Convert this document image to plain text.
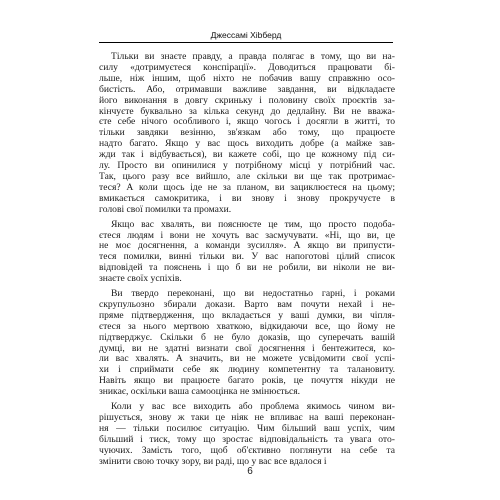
Джессамі Хіbберд
Тільки ви знаєте правду, а правда полягає в тому, що ви на-
силу «дотримуєтеся конспірації». Доводиться працювати бі-
льше, ніж іншим, щоб ніхто не побачив вашу справжню осо-
бистість. Або, отримавши важливе завдання, ви відкладаєте
його виконання в довгу скриньку і половину своїх проєктів за-
кінчуєте буквально за кілька секунд до дедлайну. Ви не вважа-
єте себе нічого особливого і, якщо чогось і досягли в житті, то
тільки завдяки везінню, зв'язкам або тому, що працюєте
надто багато. Якщо у вас щось виходить добре (а майже зав-
жди так і відбувається), ви кажете собі, що це кожному під си-
лу. Просто ви опинилися у потрібному місці у потрібний час.
Так, цього разу все вийшло, але скільки ви ще так протримає-
теся? А коли щось іде не за планом, ви зациклюєтеся на цьому;
вмикається самокритика, і ви знову і знову прокручуєте в
голові свої помилки та промахи.
Якщо вас хвалять, ви пояснюєте це тим, що просто подоба-
єтеся людям і вони не хочуть вас засмучувати. «Ні, що ви, це
не моє досягнення, а команди зусилля». А якщо ви припусти-
теся помилки, винні тільки ви. У вас напоготові цілий список
відповідей та пояснень і що б ви не робили, ви ніколи не ви-
знаєте своїх успіхів.
Ви твердо переконані, що ви недостатньо гарні, і роками
скрупульозно збирали докази. Варто вам почути нехай і не-
пряме підтвердження, що вкладається у ваші думки, ви чіпля-
єтеся за нього мертвою хваткою, відкидаючи все, що йому не
підтверджує. Скільки б не було доказів, що суперечать вашій
думці, ви не здатні визнати свої досягнення і бентежитеся, ко-
ли вас хвалять. А значить, ви не можете усвідомити свої успі-
хи і сприймати себе як людину компетентну та талановиту.
Навіть якщо ви працюєте багато років, це почуття нікуди не
зникає, оскільки ваша самооцінка не змінюється.
Коли у вас все виходить або проблема якимось чином ви-
рішується, знову ж таки це ніяк не впливає на ваші переконан-
ня — тільки посилює ситуацію. Чим більший ваш успіх, чим
більший і тиск, тому що зростає відповідальність та увага ото-
чуючих. Замість того, щоб об'єктивно поглянути на себе та
змінити свою точку зору, ви раді, що у вас все вдалося і
6
